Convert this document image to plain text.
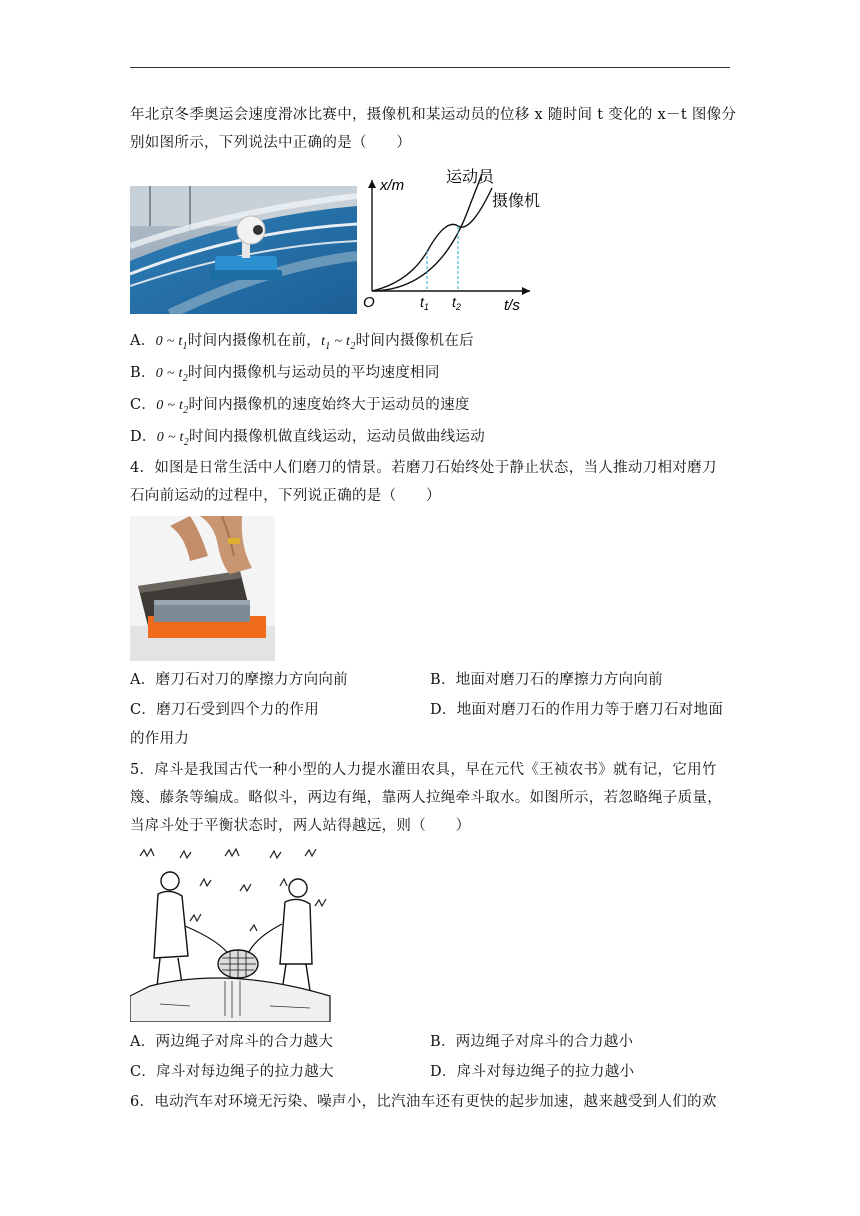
年北京冬季奥运会速度滑冰比赛中，摄像机和某运动员的位移 x 随时间 t 变化的 x－t 图像分
别如图所示，下列说法中正确的是（　　）
x/m
t/s
O	$t_1$ $t_2$
运动员
摄像机
A．0 ~ $t_1$时间内摄像机在前，$t_1$ ~ $t_2$时间内摄像机在后
B．0 ~ $t_2$时间内摄像机与运动员的平均速度相同
C．0 ~ $t_2$时间内摄像机的速度始终大于运动员的速度
D．0 ~ $t_2$时间内摄像机做直线运动，运动员做曲线运动
4．如图是日常生活中人们磨刀的情景。若磨刀石始终处于静止状态，当人推动刀相对磨刀
石向前运动的过程中，下列说正确的是（　　）
A．磨刀石对刀的摩擦力方向向前	B．地面对磨刀石的摩擦力方向向前
C．磨刀石受到四个力的作用	D．地面对磨刀石的作用力等于磨刀石对地面
的作用力
5．戽斗是我国古代一种小型的人力提水灌田农具，早在元代《王祯农书》就有记，它用竹
篾、藤条等编成。略似斗，两边有绳，靠两人拉绳牵斗取水。如图所示，若忽略绳子质量，
当戽斗处于平衡状态时，两人站得越远，则（　　）
A．两边绳子对戽斗的合力越大	B．两边绳子对戽斗的合力越小
C．戽斗对每边绳子的拉力越大	D．戽斗对每边绳子的拉力越小
6．电动汽车对环境无污染、噪声小，比汽油车还有更快的起步加速，越来越受到人们的欢
